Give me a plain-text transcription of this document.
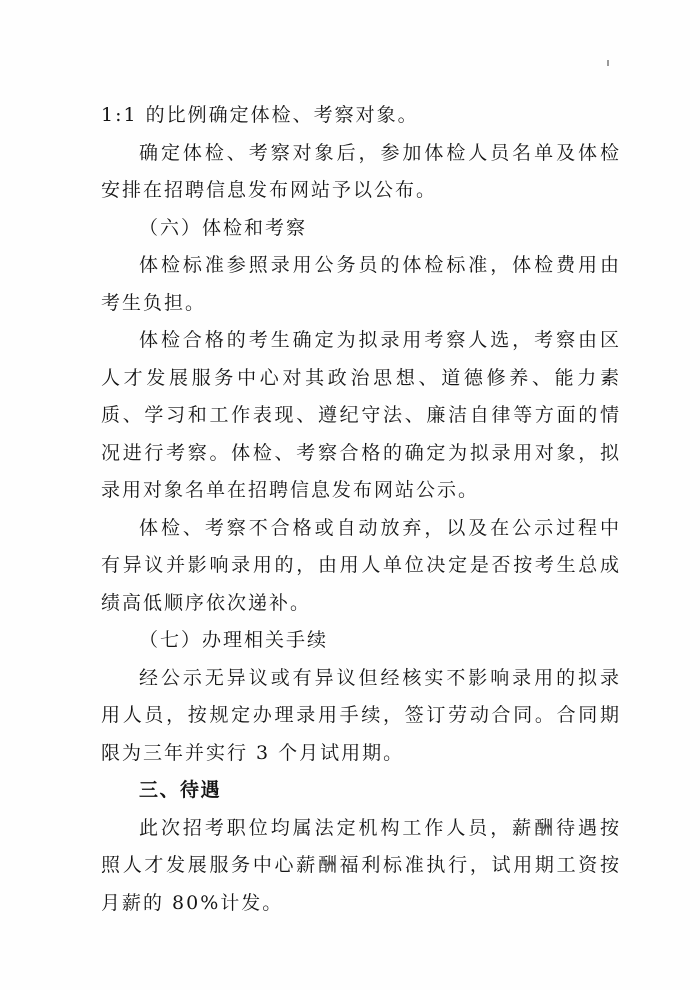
1:1 的比例确定体检、考察对象。

确定体检、考察对象后，参加体检人员名单及体检安排在招聘信息发布网站予以公布。

（六）体检和考察

体检标准参照录用公务员的体检标准，体检费用由考生负担。

体检合格的考生确定为拟录用考察人选，考察由区人才发展服务中心对其政治思想、道德修养、能力素质、学习和工作表现、遵纪守法、廉洁自律等方面的情况进行考察。体检、考察合格的确定为拟录用对象，拟录用对象名单在招聘信息发布网站公示。

体检、考察不合格或自动放弃，以及在公示过程中有异议并影响录用的，由用人单位决定是否按考生总成绩高低顺序依次递补。

（七）办理相关手续

经公示无异议或有异议但经核实不影响录用的拟录用人员，按规定办理录用手续，签订劳动合同。合同期限为三年并实行 3 个月试用期。

三、待遇

此次招考职位均属法定机构工作人员，薪酬待遇按照人才发展服务中心薪酬福利标准执行，试用期工资按月薪的 80%计发。
